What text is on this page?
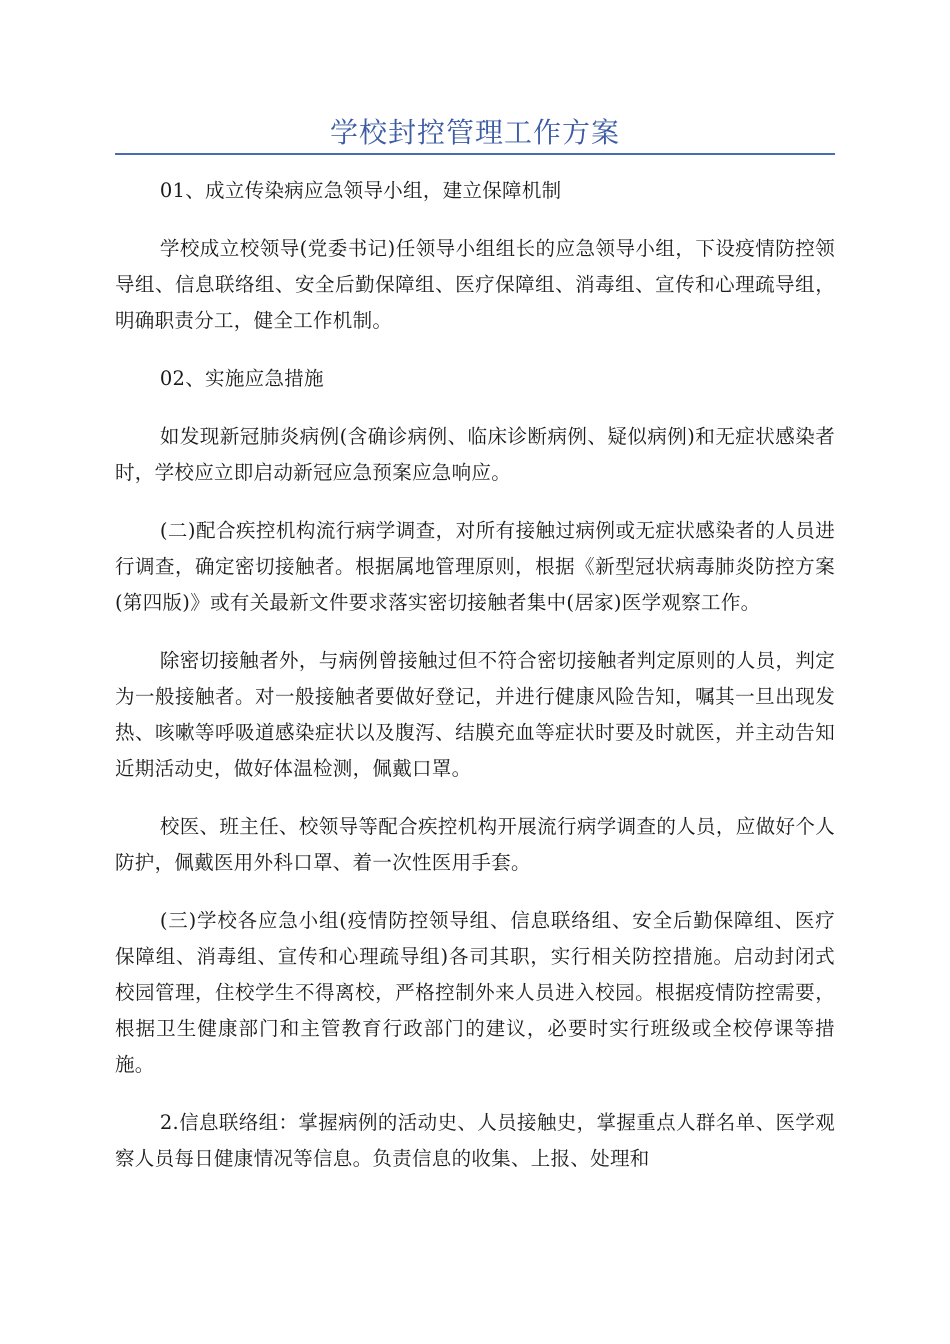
学校封控管理工作方案

01、成立传染病应急领导小组，建立保障机制

学校成立校领导(党委书记)任领导小组组长的应急领导小组，下设疫情防控领导组、信息联络组、安全后勤保障组、医疗保障组、消毒组、宣传和心理疏导组，明确职责分工，健全工作机制。

02、实施应急措施

如发现新冠肺炎病例(含确诊病例、临床诊断病例、疑似病例)和无症状感染者时，学校应立即启动新冠应急预案应急响应。

(二)配合疾控机构流行病学调查，对所有接触过病例或无症状感染者的人员进行调查，确定密切接触者。根据属地管理原则，根据《新型冠状病毒肺炎防控方案(第四版)》或有关最新文件要求落实密切接触者集中(居家)医学观察工作。

除密切接触者外，与病例曾接触过但不符合密切接触者判定原则的人员，判定为一般接触者。对一般接触者要做好登记，并进行健康风险告知，嘱其一旦出现发热、咳嗽等呼吸道感染症状以及腹泻、结膜充血等症状时要及时就医，并主动告知近期活动史，做好体温检测，佩戴口罩。

校医、班主任、校领导等配合疾控机构开展流行病学调查的人员，应做好个人防护，佩戴医用外科口罩、着一次性医用手套。

(三)学校各应急小组(疫情防控领导组、信息联络组、安全后勤保障组、医疗保障组、消毒组、宣传和心理疏导组)各司其职，实行相关防控措施。启动封闭式校园管理，住校学生不得离校，严格控制外来人员进入校园。根据疫情防控需要，根据卫生健康部门和主管教育行政部门的建议，必要时实行班级或全校停课等措施。

2.信息联络组：掌握病例的活动史、人员接触史，掌握重点人群名单、医学观察人员每日健康情况等信息。负责信息的收集、上报、处理和
